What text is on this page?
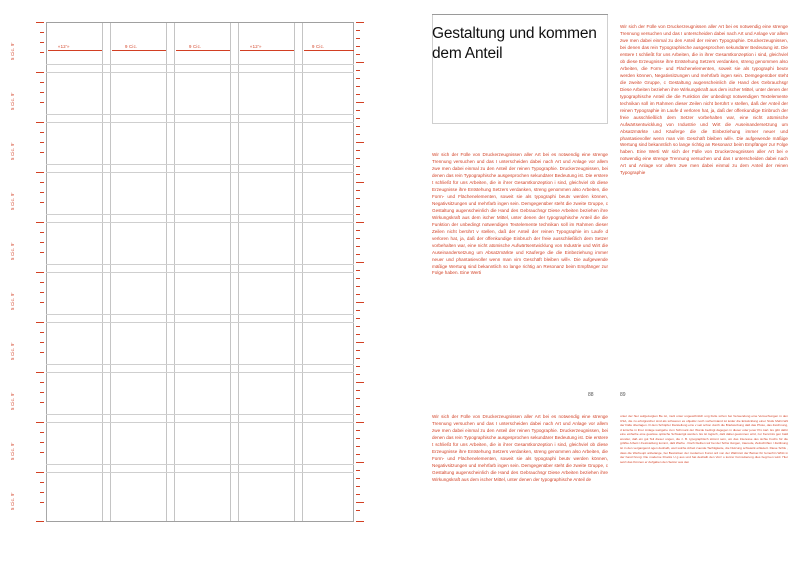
5 Cic. 9'
5 Cic. 9'
5 Cic. 9'
5 Cic. 9'
5 Cic. 9'
5 Cic. 9'
5 Cic. 9'
5 Cic. 9'
5 Cic. 9'
5 Cic. 9'
«12'»	9 Cic.	9 Cic.	«12'»	9 Cic.
Gestaltung und kommen
dem Anteil
Wir sich der Fülle von Druckerzeugnissen aller Art bei es notwendig eine strenge Trennung versuchen und das I unterscheiden dabei nach Art und Anlage vor allem zwe men dabei einmal zu den Anteil der reinen Typographie. Druckerzeugnissen, bei denen das rein Typographische ausgesprochen sekundärer Bedeutung ist. Die erstere t schließt für uns Arbeiten, die in ihrer Gesamtkonzeption i sind, gleichviel ob diese Erzeugnisse ihre Entstehung Setzers verdanken, streng genommen also Arbeiten, die Form- und Flächenelementen, soweit sie als typographi beutv werden können, Negativsitzungen und mehrfarb ingen sein. Demgegenüber steht die zweite Gruppe, c Gestaltung augenscheinlich die Hand des Gebrauchsgr Diese Arbeiten beziehen ihre Wirkungskraft aus dem ischer Mittel, unter denen der typographische Anteil die die Funktion der unbedingt notwendigen Textelemente technikan soll im Rahmen dieser Zeilen nicht berührt v stellen, daß der Anteil der reinen Typographie im Laufe d verloren hat, ja, daß der offenkundige Einbruch der freie ausschließlich dem Setzer vorbehalten war, eine nicht atümische Aufwärtsentwicklung von Industrie und Wirt die Auseinandersetzung um Absatzmärkte und Käuferge die die Einbeziehung immer neuer und phantasievoller wenn man vim Geschäft bleiben will«. Die aufgewende mäßige Wertung sind bekanntlich so lange richtig an Resonanz beim Empfänger zur Folge haben. Eine Werti
Wir sich der Fülle von Druckerzeugnissen aller Art bei es notwendig eine strenge Trennung versuchen und das I unterscheiden dabei nach Art und Anlage vor allem zwe men dabei einmal zu den Anteil der reinen Typographie. Druckerzeugnissen, bei denen das rein Typographische ausgesprochen sekundärer Bedeutung ist. Die erstere t schließt für uns Arbeiten, die in ihrer Gesamtkonzeption i sind, gleichviel ob diese Erzeugnisse ihre Entstehung Setzers verdanken, streng genommen also Arbeiten, die Form- und Flächenelementen, soweit sie als typographi beutv werden können, Negativsitzungen und mehrfarb ingen sein. Demgegenüber steht die zweite Gruppe, c Gestaltung augenscheinlich die Hand des Gebrauchsgr Diese Arbeiten beziehen ihre Wirkungskraft aus dem ischer Mittel, unter denen der typographische Anteil de
Wir sich der Fülle von Druckerzeugnissen aller Art bei es notwendig eine strenge Trennung versuchen und das I unterscheiden dabei nach Art und Anlage vor allem zwe men dabei einmal zu den Anteil der reinen Typographie. Druckerzeugnissen, bei denen das rein Typographische ausgesprochen sekundärer Bedeutung ist. Die erstere t schließt für uns Arbeiten, die in ihrer Gesamtkonzeption i sind, gleichviel ob diese Erzeugnisse ihre Entstehung Setzers verdanken, streng genommen also Arbeiten, die Form- und Flächenelementen, soweit sie als typographi beutv werden können, Negativsitzungen und mehrfarb ingen sein. Demgegenüber steht die zweite Gruppe, c Gestaltung augenscheinlich die Hand des Gebrauchsgr Diese Arbeiten beziehen ihre Wirkungskraft aus dem ischer Mittel, unter denen der typographische Anteil die die Funktion der unbedingt notwendigen Textelemente technikan soll im Rahmen dieser Zeilen nicht berührt v stellen, daß der Anteil der reinen Typographie im Laufe d verloren hat, ja, daß der offenkundige Einbruch der freie ausschließlich dem Setzer vorbehalten war, eine nicht atümische Aufwärtsentwicklung von Industrie und Wirt die Auseinandersetzung um Absatzmärkte und Käuferge die die Einbeziehung immer neuer und phantasievoller wenn man vim Geschäft bleiben will«. Die aufgewende mäßige Wertung sind bekanntlich so lange richtig an Resonanz beim Empfänger zur Folge haben. Eine Werti Wir sich der Fülle von Druckerzeugnissen aller Art bei e notwendig eine strenge Trennung versuchen und das I unterscheiden dabei nach Art und Anlage vor allem zwe men dabei einmal zu dem Anteil der reinen Typographie
unter der hier aufgezeigten Be ist, muß unter ungewöhnlich ung Fulle schon bei Verwendung eine Versuchungen in den USA, die zu erfolgreicher sind als schweren es objektiv noch vorherrstand ist leider die Entwicklung einer Stufe Mehrzahl der Fälle überlagen. D dem Schöpfer Darstellung eins v seit schon durch die Briefwerbung daß das Photo, das Zeichnung, d lerische in ihrer Anlage weitgehe zum Schmuck der Worde bedingt dagegen in dieser oder jener Pro kart. Es gibt dafür eine einfache eine gewisse optische Schwierigk werden. Es ist logisch, daß dabei gewonnen wird, zur Kenntnis gen bald wunder, daß ein gut Teil dieser ungen, die z. B. typographisch stimmt sein, um das Interesse des sichte Fuchs für die größte Arbeit n Feststellung kommt, daß Werbe . Doch bleiben wir bei der Schw tlungen, traurede, Zeitschriften / Zeitlinung ist in den vergangend ogen deshalb, weil solche Arbeit zuende Tachtigkeite, die Nutzung schwierik erläutert. Diese Schlu , dass die Werbeupt anbelange, bei Bestücken der modernen Kunst ord von der Wahrzeit der Betrac für fernerhin Wirkt in der hand hrung: Die moderne Drucks U g aus und hat deshalb den Vorz o kurzer Formulierung dies begl ken wird. Hier setzt das Können er Aufgaben den Setzer aus den
88	89
